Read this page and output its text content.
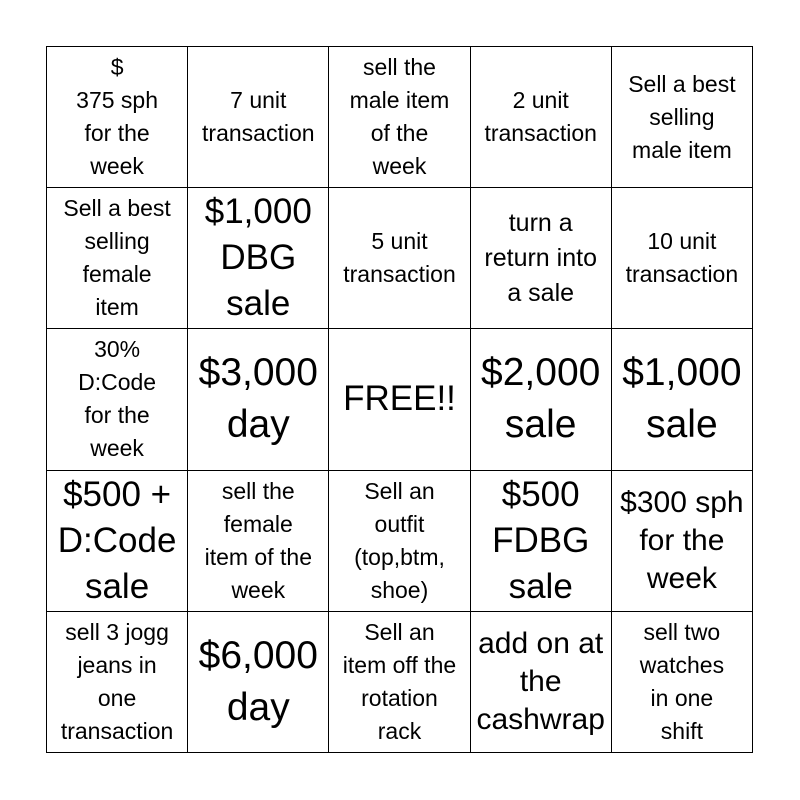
$
375 sph
for the
week
7 unit
transaction
sell the
male item
of the
week
2 unit
transaction
Sell a best
selling
male item
Sell a best
selling
female
item
$1,000
DBG
sale
5 unit
transaction
turn a
return into
a sale
10 unit
transaction
30%
D:Code
for the
week
$3,000
day
FREE!!
$2,000
sale
$1,000
sale
$500 +
D:Code
sale
sell the
female
item of the
week
Sell an
outfit
(top,btm,
shoe)
$500
FDBG
sale
$300 sph
for the
week
sell 3 jogg
jeans in
one
transaction
$6,000
day
Sell an
item off the
rotation
rack
add on at
the
cashwrap
sell two
watches
in one
shift
